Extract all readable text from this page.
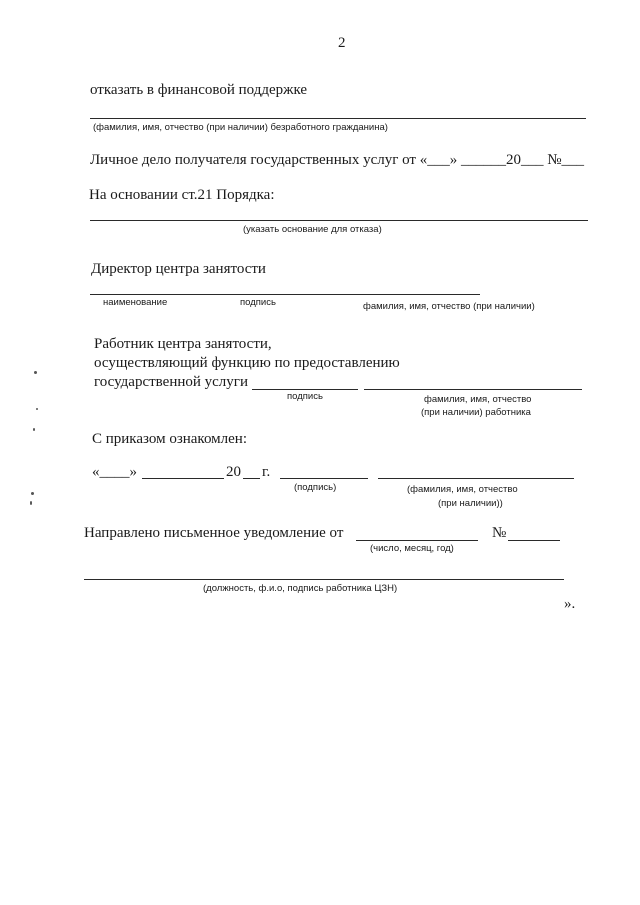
2
отказать в финансовой поддержке
(фамилия, имя, отчество (при наличии) безработного гражданина)
Личное дело получателя государственных услуг от «___» ______20___ №___
На основании ст.21 Порядка:
(указать основание для отказа)
Директор центра занятости
наименование	подпись	фамилия, имя, отчество (при наличии)
Работник центра занятости,
осуществляющий функцию по предоставлению
государственной услуги
подпись	фамилия, имя, отчество
(при наличии) работника
С приказом ознакомлен:
«____»	20 г.
(подпись)	(фамилия, имя, отчество
(при наличии))
Направлено письменное уведомление от	№
(число, месяц, год)
(должность, ф.и.о, подпись работника ЦЗН)
».
